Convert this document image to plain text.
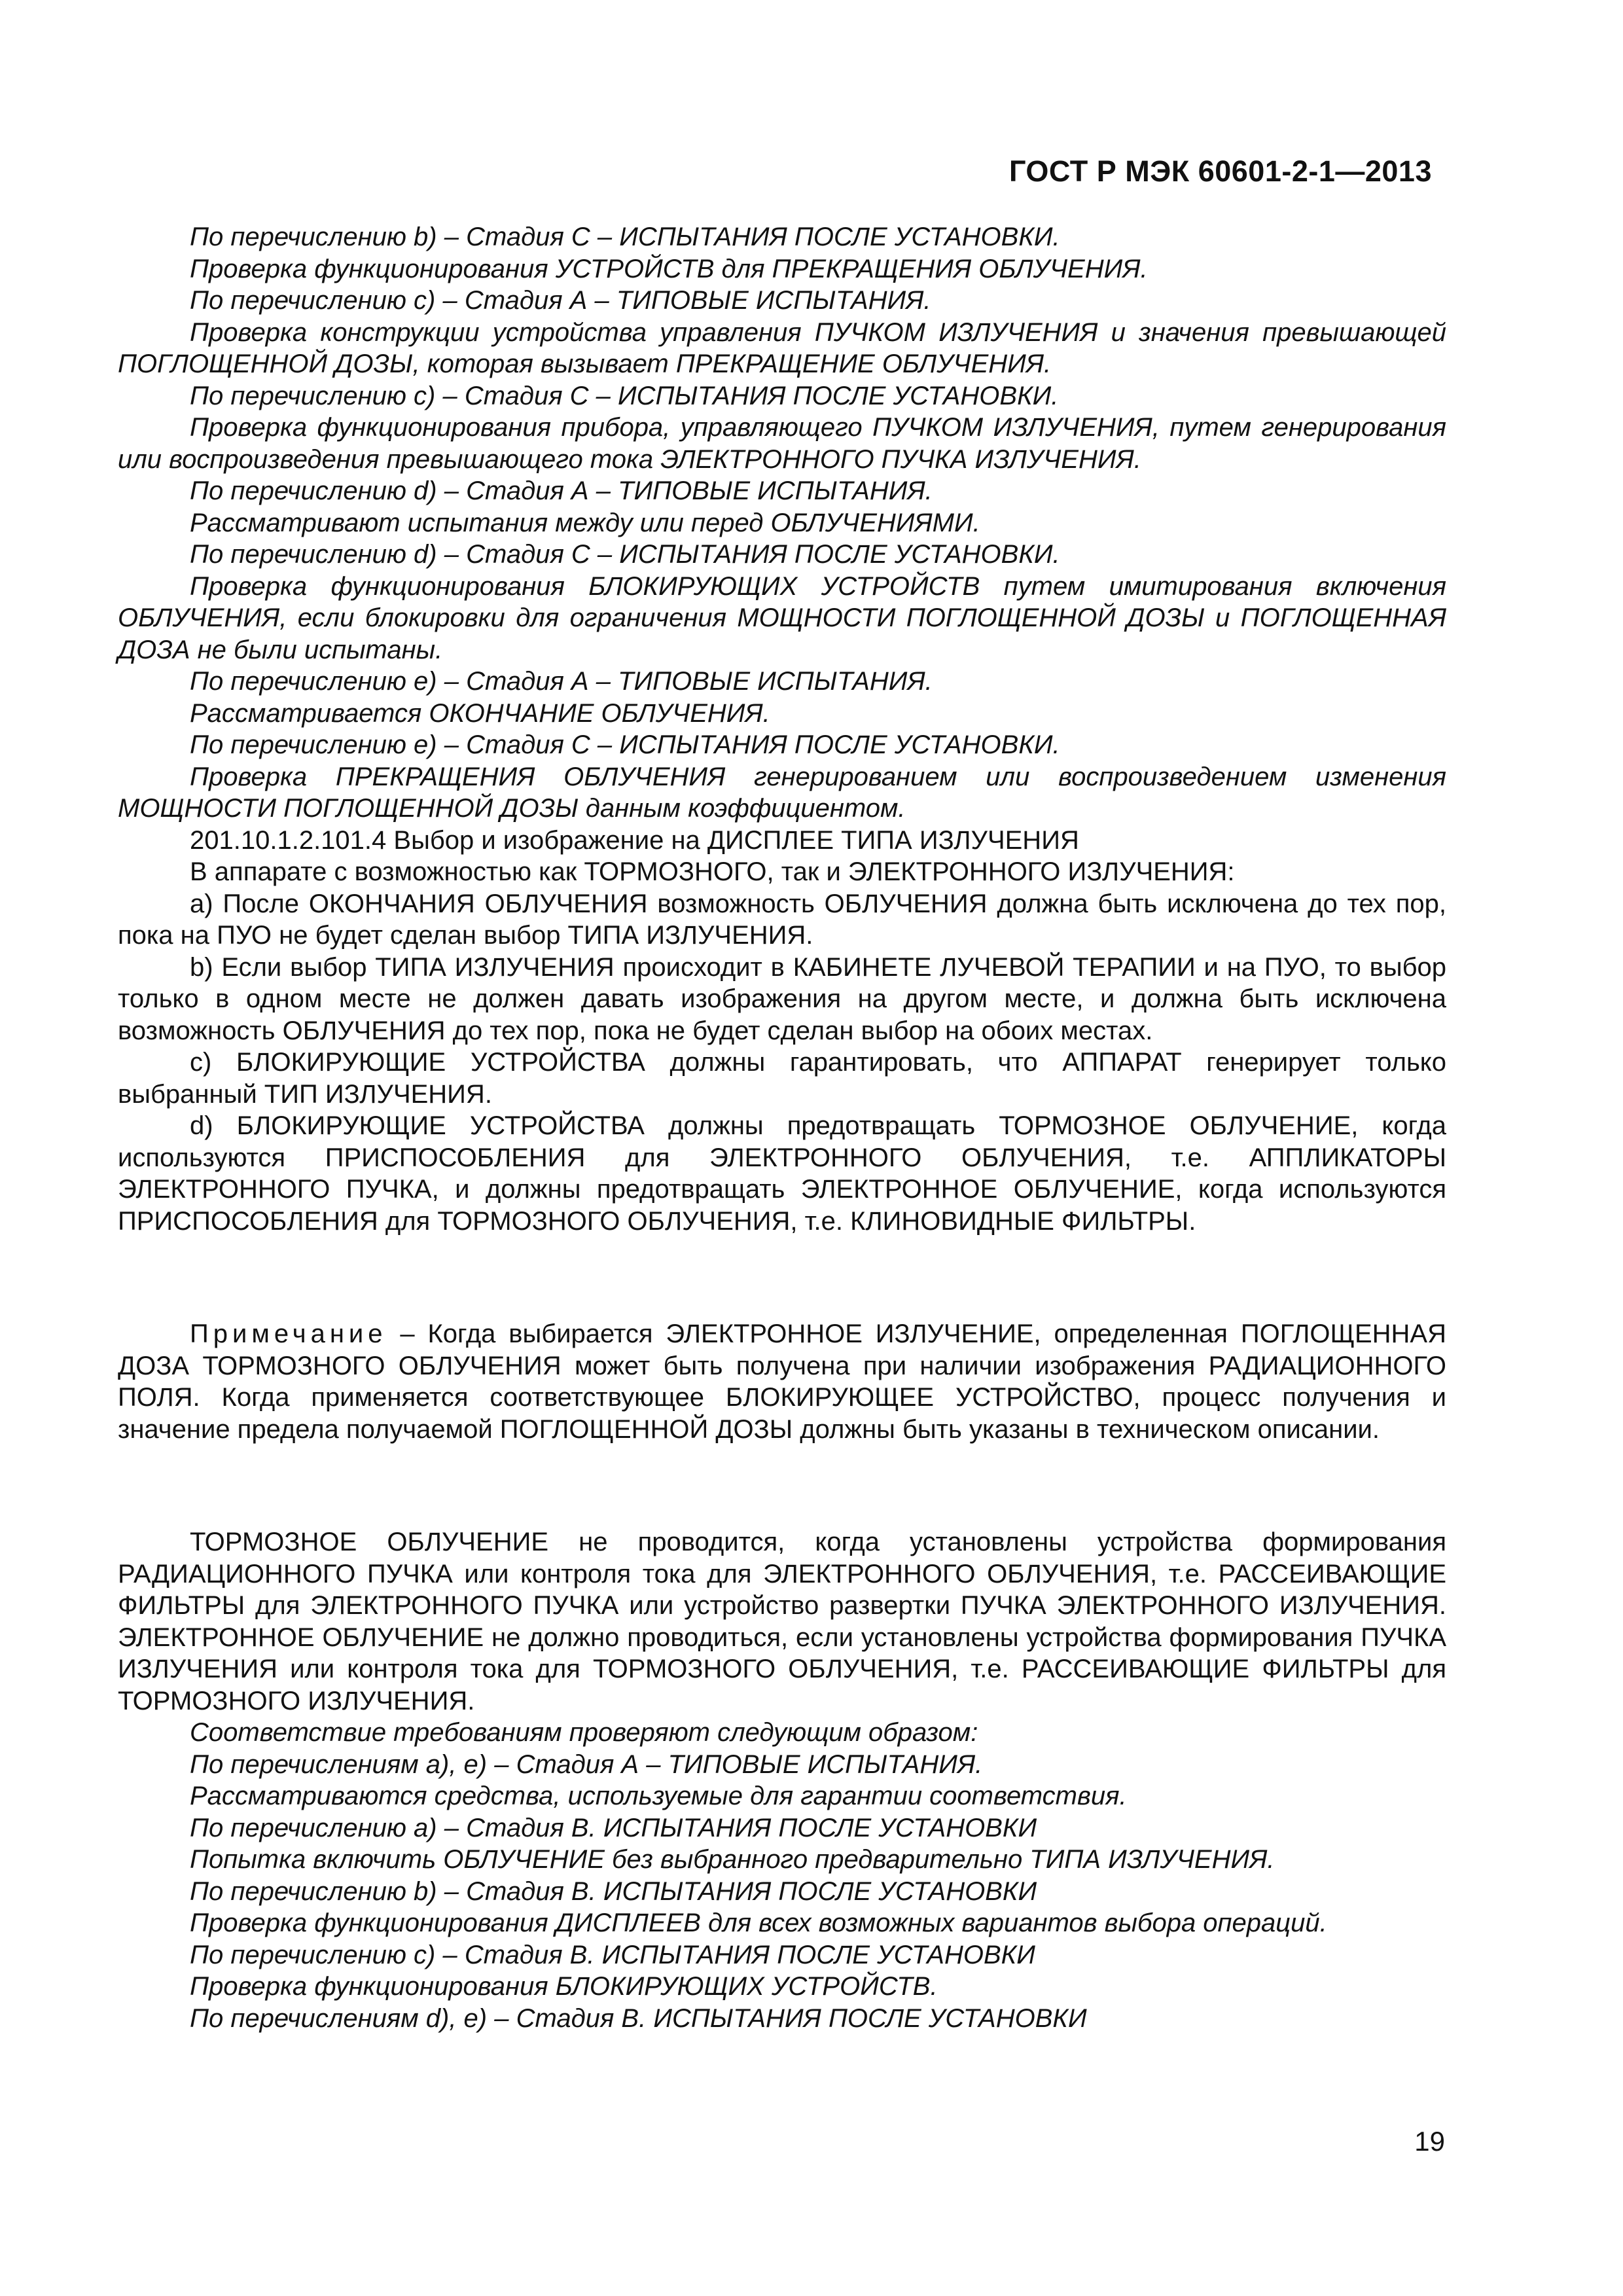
ГОСТ Р МЭК 60601-2-1—2013

По перечислению b) – Стадия С – ИСПЫТАНИЯ ПОСЛЕ УСТАНОВКИ.

Проверка функционирования УСТРОЙСТВ для ПРЕКРАЩЕНИЯ ОБЛУЧЕНИЯ.

По перечислению с) – Стадия А – ТИПОВЫЕ ИСПЫТАНИЯ.

Проверка конструкции устройства управления ПУЧКОМ ИЗЛУЧЕНИЯ и значения превышающей ПОГЛОЩЕННОЙ ДОЗЫ, которая вызывает ПРЕКРАЩЕНИЕ ОБЛУЧЕНИЯ.

По перечислению с) – Стадия С – ИСПЫТАНИЯ ПОСЛЕ УСТАНОВКИ.

Проверка функционирования прибора, управляющего ПУЧКОМ ИЗЛУЧЕНИЯ, путем генерирования или воспроизведения превышающего тока ЭЛЕКТРОННОГО ПУЧКА ИЗЛУЧЕНИЯ.

По перечислению d) – Стадия А – ТИПОВЫЕ ИСПЫТАНИЯ.

Рассматривают испытания между или перед ОБЛУЧЕНИЯМИ.

По перечислению d) – Стадия С – ИСПЫТАНИЯ ПОСЛЕ УСТАНОВКИ.

Проверка функционирования БЛОКИРУЮЩИХ УСТРОЙСТВ путем имитирования включения ОБЛУЧЕНИЯ, если блокировки для ограничения МОЩНОСТИ ПОГЛОЩЕННОЙ ДОЗЫ и ПОГЛОЩЕННАЯ ДОЗА не были испытаны.

По перечислению е) – Стадия А – ТИПОВЫЕ ИСПЫТАНИЯ.

Рассматривается ОКОНЧАНИЕ ОБЛУЧЕНИЯ.

По перечислению е) – Стадия С – ИСПЫТАНИЯ ПОСЛЕ УСТАНОВКИ.

Проверка ПРЕКРАЩЕНИЯ ОБЛУЧЕНИЯ генерированием или воспроизведением изменения МОЩНОСТИ ПОГЛОЩЕННОЙ ДОЗЫ данным коэффициентом.

201.10.1.2.101.4 Выбор и изображение на ДИСПЛЕЕ ТИПА ИЗЛУЧЕНИЯ

В аппарате с возможностью как ТОРМОЗНОГО, так и ЭЛЕКТРОННОГО ИЗЛУЧЕНИЯ:

а) После ОКОНЧАНИЯ ОБЛУЧЕНИЯ возможность ОБЛУЧЕНИЯ должна быть исключена до тех пор, пока на ПУО не будет сделан выбор ТИПА ИЗЛУЧЕНИЯ.

b) Если выбор ТИПА ИЗЛУЧЕНИЯ происходит в КАБИНЕТЕ ЛУЧЕВОЙ ТЕРАПИИ и на ПУО, то выбор только в одном месте не должен давать изображения на другом месте, и должна быть исключена возможность ОБЛУЧЕНИЯ до тех пор, пока не будет сделан выбор на обоих местах.

с) БЛОКИРУЮЩИЕ УСТРОЙСТВА должны гарантировать, что АППАРАТ генерирует только выбранный ТИП ИЗЛУЧЕНИЯ.

d) БЛОКИРУЮЩИЕ УСТРОЙСТВА должны предотвращать ТОРМОЗНОЕ ОБЛУЧЕНИЕ, когда используются ПРИСПОСОБЛЕНИЯ для ЭЛЕКТРОННОГО ОБЛУЧЕНИЯ, т.е. АППЛИКАТОРЫ ЭЛЕКТРОННОГО ПУЧКА, и должны предотвращать ЭЛЕКТРОННОЕ ОБЛУЧЕНИЕ, когда используются ПРИСПОСОБЛЕНИЯ для ТОРМОЗНОГО ОБЛУЧЕНИЯ, т.е. КЛИНОВИДНЫЕ ФИЛЬТРЫ.

Примечание – Когда выбирается ЭЛЕКТРОННОЕ ИЗЛУЧЕНИЕ, определенная ПОГЛОЩЕННАЯ ДОЗА ТОРМОЗНОГО ОБЛУЧЕНИЯ может быть получена при наличии изображения РАДИАЦИОННОГО ПОЛЯ. Когда применяется соответствующее БЛОКИРУЮЩЕЕ УСТРОЙСТВО, процесс получения и значение предела получаемой ПОГЛОЩЕННОЙ ДОЗЫ должны быть указаны в техническом описании.

ТОРМОЗНОЕ ОБЛУЧЕНИЕ не проводится, когда установлены устройства формирования РАДИАЦИОННОГО ПУЧКА или контроля тока для ЭЛЕКТРОННОГО ОБЛУЧЕНИЯ, т.е. РАССЕИВАЮЩИЕ ФИЛЬТРЫ для ЭЛЕКТРОННОГО ПУЧКА или устройство развертки ПУЧКА ЭЛЕКТРОННОГО ИЗЛУЧЕНИЯ. ЭЛЕКТРОННОЕ ОБЛУЧЕНИЕ не должно проводиться, если установлены устройства формирования ПУЧКА ИЗЛУЧЕНИЯ или контроля тока для ТОРМОЗНОГО ОБЛУЧЕНИЯ, т.е. РАССЕИВАЮЩИЕ ФИЛЬТРЫ для ТОРМОЗНОГО ИЗЛУЧЕНИЯ.

Соответствие требованиям проверяют следующим образом:

По перечислениям а), е) – Стадия А – ТИПОВЫЕ ИСПЫТАНИЯ.

Рассматриваются средства, используемые для гарантии соответствия.

По перечислению а) – Стадия В. ИСПЫТАНИЯ ПОСЛЕ УСТАНОВКИ

Попытка включить ОБЛУЧЕНИЕ без выбранного предварительно ТИПА ИЗЛУЧЕНИЯ.

По перечислению b) – Стадия В. ИСПЫТАНИЯ ПОСЛЕ УСТАНОВКИ

Проверка функционирования ДИСПЛЕЕВ для всех возможных вариантов выбора операций.

По перечислению с) – Стадия В. ИСПЫТАНИЯ ПОСЛЕ УСТАНОВКИ

Проверка функционирования БЛОКИРУЮЩИХ УСТРОЙСТВ.

По перечислениям d), е) – Стадия В. ИСПЫТАНИЯ ПОСЛЕ УСТАНОВКИ

19
